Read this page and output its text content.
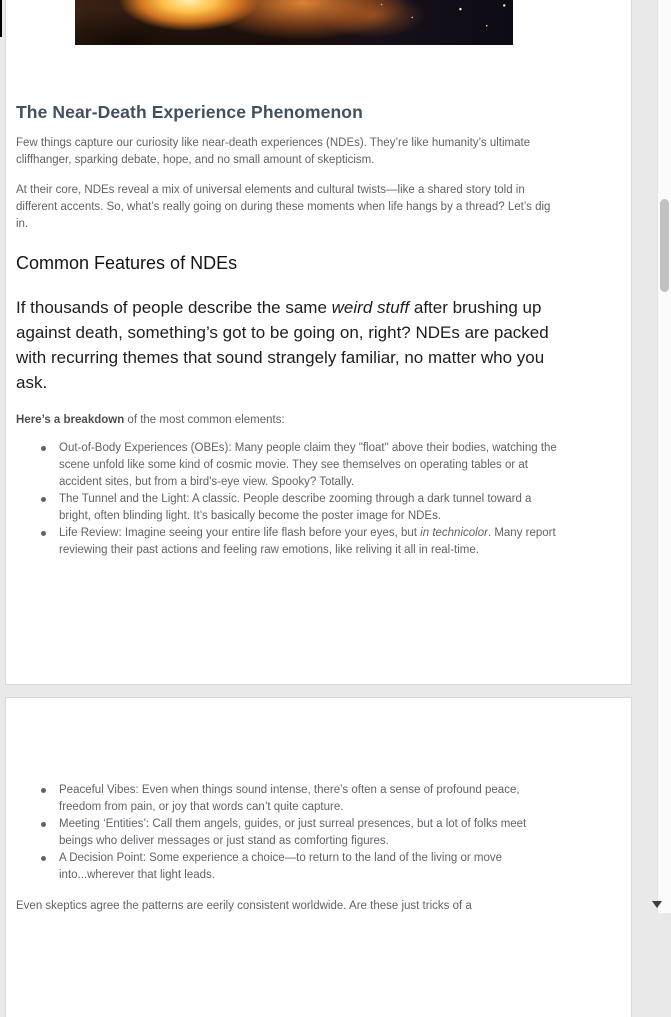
The Near-Death Experience Phenomenon

Few things capture our curiosity like near-death experiences (NDEs). They’re like humanity’s ultimate cliffhanger, sparking debate, hope, and no small amount of skepticism.

At their core, NDEs reveal a mix of universal elements and cultural twists—like a shared story told in different accents. So, what’s really going on during these moments when life hangs by a thread? Let’s dig in.

Common Features of NDEs

If thousands of people describe the same weird stuff after brushing up against death, something’s got to be going on, right? NDEs are packed with recurring themes that sound strangely familiar, no matter who you ask.

Here’s a breakdown of the most common elements:

Out-of-Body Experiences (OBEs): Many people claim they "float" above their bodies, watching the scene unfold like some kind of cosmic movie. They see themselves on operating tables or at accident sites, but from a bird's-eye view. Spooky? Totally.
The Tunnel and the Light: A classic. People describe zooming through a dark tunnel toward a bright, often blinding light. It’s basically become the poster image for NDEs.
Life Review: Imagine seeing your entire life flash before your eyes, but in technicolor. Many report reviewing their past actions and feeling raw emotions, like reliving it all in real-time.
Peaceful Vibes: Even when things sound intense, there’s often a sense of profound peace, freedom from pain, or joy that words can’t quite capture.
Meeting ‘Entities’: Call them angels, guides, or just surreal presences, but a lot of folks meet beings who deliver messages or just stand as comforting figures.
A Decision Point: Some experience a choice—to return to the land of the living or move into...wherever that light leads.

Even skeptics agree the patterns are eerily consistent worldwide. Are these just tricks of a
